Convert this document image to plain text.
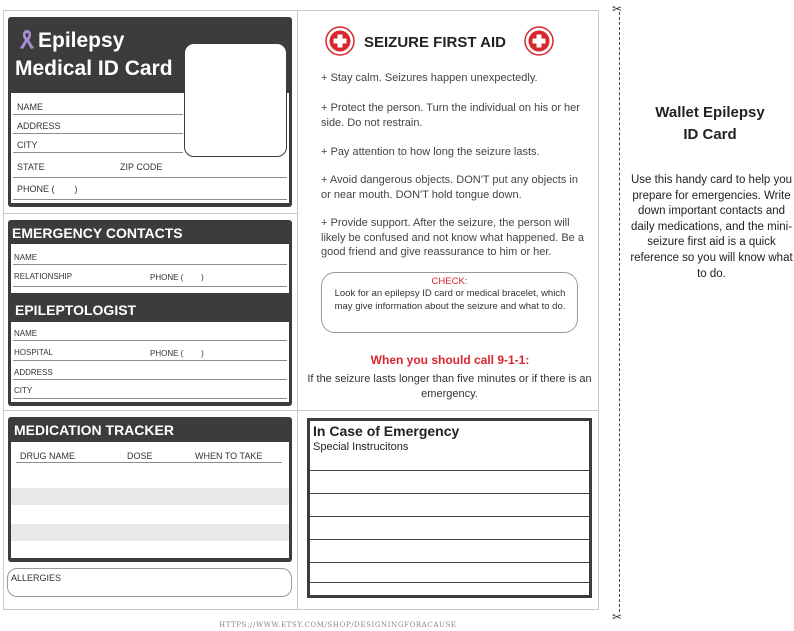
Epilepsy
Medical ID Card
NAME
ADDRESS
CITY
STATE	ZIP CODE
PHONE (        )
EMERGENCY CONTACTS
NAME
RELATIONSHIP	PHONE (        )
EPILEPTOLOGIST
NAME
HOSPITAL	PHONE (        )
ADDRESS
CITY
MEDICATION TRACKER
DRUG NAME	DOSE	WHEN TO TAKE
ALLERGIES
SEIZURE FIRST AID
+ Stay calm. Seizures happen unexpectedly.
+ Protect the person. Turn the individual on his or her side. Do not restrain.
+ Pay attention to how long the seizure lasts.
+ Avoid dangerous objects. DON'T put any objects in or near mouth. DON'T hold tongue down.
+ Provide support. After the seizure, the person will likely be confused and not know what happened. Be a good friend and give reassurance to him or her.
CHECK:
Look for an epilepsy ID card or medical bracelet, which may give information about the seizure and what to do.
When you should call 9-1-1:
If the seizure lasts longer than five minutes or if there is an emergency.
In Case of Emergency
Special Instrucitons
✂
✂
Wallet Epilepsy
ID Card
Use this handy card to help you prepare for emergencies. Write down important contacts and daily medications, and the mini- seizure first aid is a quick reference so you will know what to do.
HTTPS://WWW.ETSY.COM/SHOP/DESIGNINGFORACAUSE
